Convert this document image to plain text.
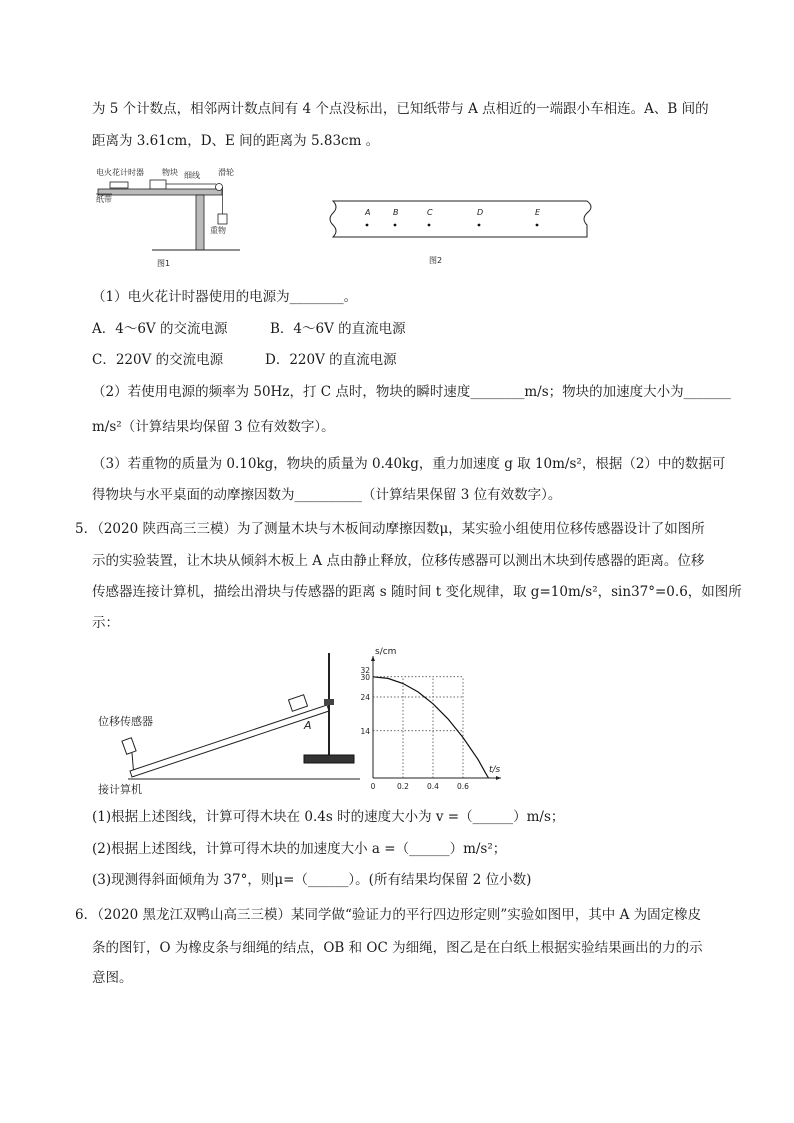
为 5 个计数点，相邻两计数点间有 4 个点没标出，已知纸带与 A 点相近的一端跟小车相连。A、B 间的
距离为 3.61cm，D、E 间的距离为 5.83cm 。
电火花计时器 物块 细线 滑轮
纸带
重物
图1
A	B	C	D	E
图2
（1）电火花计时器使用的电源为________。
A．4～6V 的交流电源	B．4～6V 的直流电源
C．220V 的交流电源	D．220V 的直流电源
（2）若使用电源的频率为 50Hz，打 C 点时，物块的瞬时速度________m/s；物块的加速度大小为_______
m/s²（计算结果均保留 3 位有效数字）。
（3）若重物的质量为 0.10kg，物块的质量为 0.40kg，重力加速度 g 取 10m/s²，根据（2）中的数据可
得物块与水平桌面的动摩擦因数为__________（计算结果保留 3 位有效数字）。
5．（2020 陕西高三三模）为了测量木块与木板间动摩擦因数μ，某实验小组使用位移传感器设计了如图所
示的实验装置，让木块从倾斜木板上 A 点由静止释放，位移传感器可以测出木块到传感器的距离。位移
传感器连接计算机，描绘出滑块与传感器的距离 s 随时间 t 变化规律，取 g=10m/s²，sin37°=0.6，如图所
示：
位移传感器
接计算机
A
s/cm
t/s
14
24
30
32
0	0.2 0.4 0.6
(1)根据上述图线，计算可得木块在 0.4s 时的速度大小为 v =（______）m/s；
(2)根据上述图线，计算可得木块的加速度大小 a =（______）m/s²；
(3)现测得斜面倾角为 37°，则μ=（______）。(所有结果均保留 2 位小数)
6．（2020 黑龙江双鸭山高三三模）某同学做“验证力的平行四边形定则”实验如图甲，其中 A 为固定橡皮
条的图钉，O 为橡皮条与细绳的结点，OB 和 OC 为细绳，图乙是在白纸上根据实验结果画出的力的示
意图。
